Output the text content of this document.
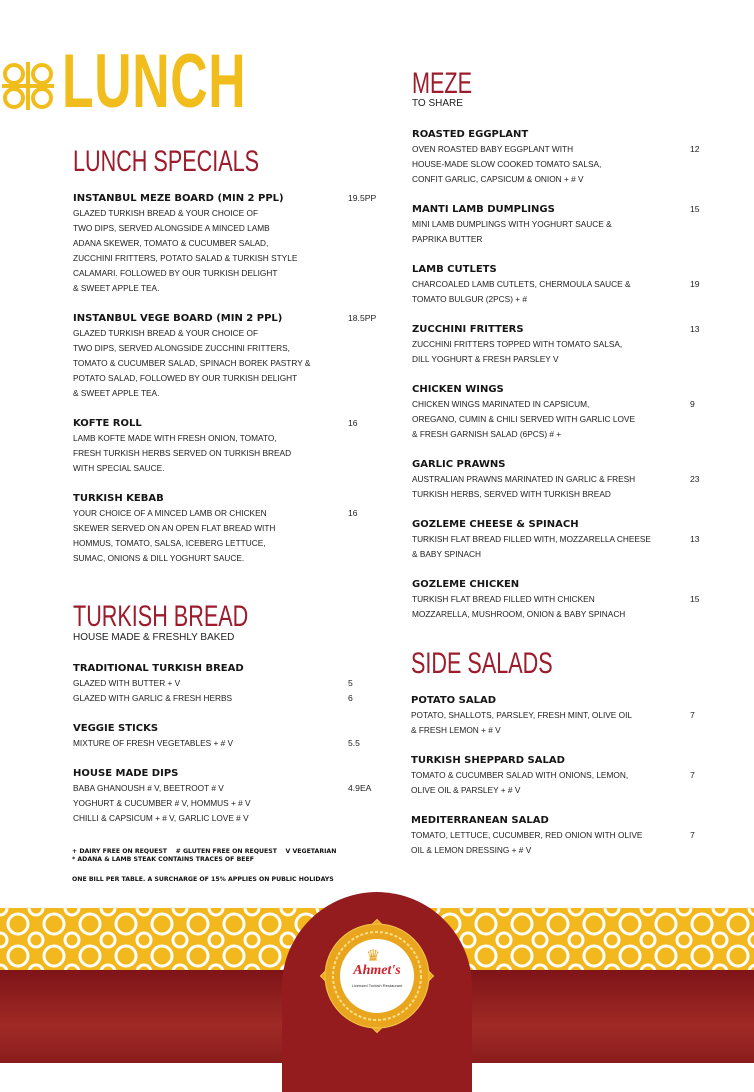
LUNCH
LUNCH SPECIALS
INSTANBUL MEZE BOARD (MIN 2 PPL)	19.5PP
GLAZED TURKISH BREAD & YOUR CHOICE OF
TWO DIPS, SERVED ALONGSIDE A MINCED LAMB
ADANA SKEWER, TOMATO & CUCUMBER SALAD,
ZUCCHINI FRITTERS, POTATO SALAD & TURKISH STYLE
CALAMARI. FOLLOWED BY OUR TURKISH DELIGHT
& SWEET APPLE TEA.
INSTANBUL VEGE BOARD (MIN 2 PPL)	18.5PP
GLAZED TURKISH BREAD & YOUR CHOICE OF
TWO DIPS, SERVED ALONGSIDE ZUCCHINI FRITTERS,
TOMATO & CUCUMBER SALAD, SPINACH BOREK PASTRY &
POTATO SALAD, FOLLOWED BY OUR TURKISH DELIGHT
& SWEET APPLE TEA.
KOFTE ROLL	16
LAMB KOFTE MADE WITH FRESH ONION, TOMATO,
FRESH TURKISH HERBS SERVED ON TURKISH BREAD
WITH SPECIAL SAUCE.
TURKISH KEBAB
YOUR CHOICE OF A MINCED LAMB OR CHICKEN	16
SKEWER SERVED ON AN OPEN FLAT BREAD WITH
HOMMUS, TOMATO, SALSA, ICEBERG LETTUCE,
SUMAC, ONIONS & DILL YOGHURT SAUCE.
TURKISH BREAD
HOUSE MADE & FRESHLY BAKED
TRADITIONAL TURKISH BREAD
GLAZED WITH BUTTER + V	5
GLAZED WITH GARLIC & FRESH HERBS	6
VEGGIE STICKS
MIXTURE OF FRESH VEGETABLES + # V	5.5
HOUSE MADE DIPS
BABA GHANOUSH # V, BEETROOT # V	4.9EA
YOGHURT & CUCUMBER # V, HOMMUS + # V
CHILLI & CAPSICUM + # V, GARLIC LOVE # V
+ DAIRY FREE ON REQUEST    # GLUTEN FREE ON REQUEST    V VEGETARIAN
* ADANA & LAMB STEAK CONTAINS TRACES OF BEEF
ONE BILL PER TABLE. A SURCHARGE OF 15% APPLIES ON PUBLIC HOLIDAYS
MEZE
TO SHARE
ROASTED EGGPLANT
OVEN ROASTED BABY EGGPLANT WITH	12
HOUSE-MADE SLOW COOKED TOMATO SALSA,
CONFIT GARLIC, CAPSICUM & ONION + # V
MANTI LAMB DUMPLINGS	15
MINI LAMB DUMPLINGS WITH YOGHURT SAUCE &
PAPRIKA BUTTER
LAMB CUTLETS
CHARCOALED LAMB CUTLETS, CHERMOULA SAUCE &	19
TOMATO BULGUR (2PCS) + #
ZUCCHINI FRITTERS	13
ZUCCHINI FRITTERS TOPPED WITH TOMATO SALSA,
DILL YOGHURT & FRESH PARSLEY V
CHICKEN WINGS
CHICKEN WINGS MARINATED IN CAPSICUM,	9
OREGANO, CUMIN & CHILI SERVED WITH GARLIC LOVE
& FRESH GARNISH SALAD (6PCS) # +
GARLIC PRAWNS
AUSTRALIAN PRAWNS MARINATED IN GARLIC & FRESH	23
TURKISH HERBS, SERVED WITH TURKISH BREAD
GOZLEME CHEESE & SPINACH
TURKISH FLAT BREAD FILLED WITH, MOZZARELLA CHEESE	13
& BABY SPINACH
GOZLEME CHICKEN
TURKISH FLAT BREAD FILLED WITH CHICKEN	15
MOZZARELLA, MUSHROOM, ONION & BABY SPINACH
SIDE SALADS
POTATO SALAD
POTATO, SHALLOTS, PARSLEY, FRESH MINT, OLIVE OIL	7
& FRESH LEMON + # V
TURKISH SHEPPARD SALAD
TOMATO & CUCUMBER SALAD WITH ONIONS, LEMON,	7
OLIVE OIL & PARSLEY + # V
MEDITERRANEAN SALAD
TOMATO, LETTUCE, CUCUMBER, RED ONION WITH OLIVE	7
OIL & LEMON DRESSING + # V
♛
Ahmet's
Licensed Turkish Restaurant
